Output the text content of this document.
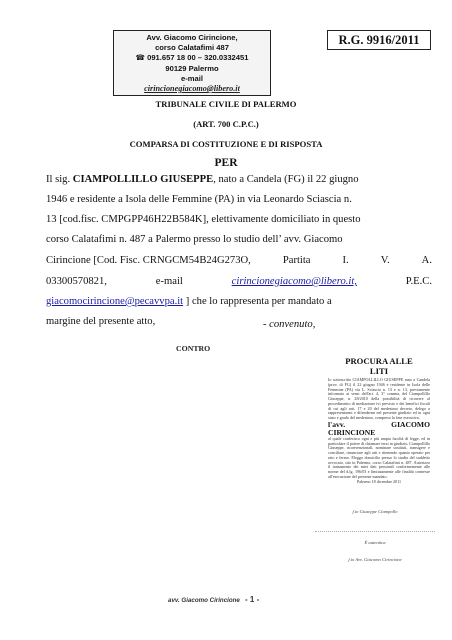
Avv. Giacomo Cirincione,
corso Calatafimi 487
☎ 091.657 18 00 – 320.0332451
90129 Palermo
e-mail
cirincionegiacomo@libero.it
R.G. 9916/2011
TRIBUNALE CIVILE DI PALERMO
(ART. 700 C.P.C.)
COMPARSA DI COSTITUZIONE E DI RISPOSTA
PER
Il sig. CIAMPOLLILLO GIUSEPPE, nato a Candela (FG) il 22 giugno
1946 e residente a Isola delle Femmine (PA) in via Leonardo Sciascia n.
13 [cod.fisc. CMPGPP46H22B584K], elettivamente domiciliato in questo
corso Calatafimi n. 487 a Palermo presso lo studio dell’ avv. Giacomo
Cirincione [Cod. Fisc. CRNGCM54B24G273O,	Partita	I.	V.	A.
03300570821,	e-mail	cirincionegiacomo@libero.it,	P.E.C.
giacomocirincione@pecavvpa.it ] che lo rappresenta per mandato a
margine del presente atto,	- convenuto,
CONTRO
PROCURA ALLE
LITI
Io sottoscritto CIAMPOLLILLO GIUSEPPE nato a Candela (prov. di FG) il 22 giugno 1946 e residente in Isola delle Femmine (PA) via L. Sciascia n. 13 e n. 13, previamente informato ai sensi dell'art. 4, 3° comma, del Ciampollillo Giuseppe, n. 28/2010 della possibilità di ricorrere al procedimento di mediazione ivi previsto e dei benefici fiscali di cui agli artt. 17 e 20 del medesimo decreto, delego a rappresentarmi e difendermi nel presente giudizio ed in ogni stato e grado del medesimo, compreso la fase esecutiva,
l'avv. GIACOMO CIRINCIONE
al quale conferisco ogni e più ampia facoltà di legge, ed in particolare il potere di chiamare terzi in giudizio, Ciampollillo Giuseppe, riconvenzionali, nominare sostituti, transigere e conciliare, rinunciare agli atti e ritenendo quanto operato per rato e fermo. Eleggo domicilio presso lo studio del suddetto avvocato, sito in Palermo, corso Calatafimi n. 487. Autorizzo il trattamento dei miei dati personali conformemente alle norme del d.lg. 196/03 e limitatamente alle finalità connesse all'esecuzione del presente mandato.
Palermo 18 dicembre 2011
f.to Giuseppe Ciampollo
È autentica
f.to Avv. Giacomo Cirincione
avv. Giacomo Cirincione - 1 -
